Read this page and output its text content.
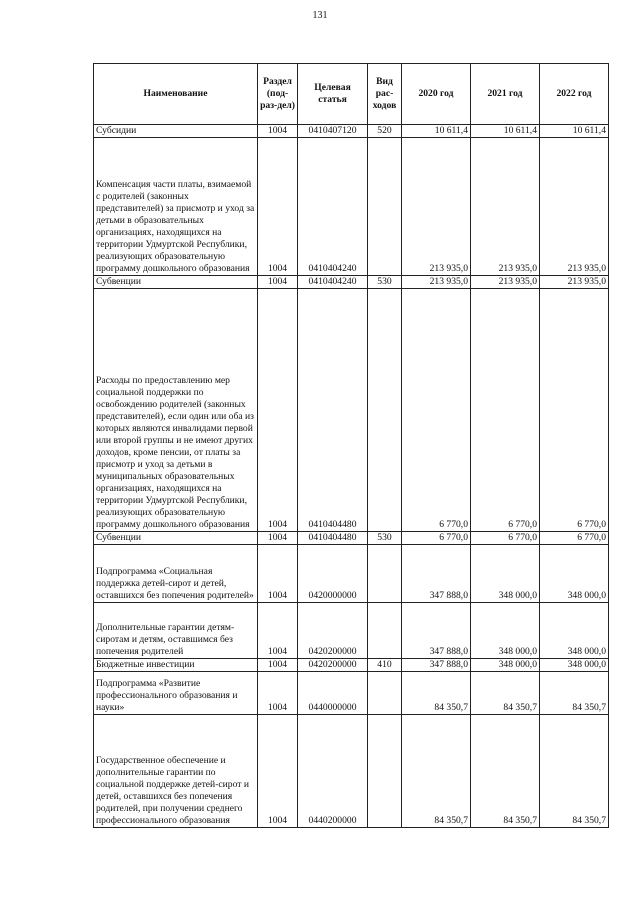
131
Наименование	Раздел (под-раз-дел)	Целевая статья	Вид рас-ходов	2020 год	2021 год	2022 год
Субсидии	1004	0410407120	520	10 611,4	10 611,4	10 611,4
Компенсация части платы, взимаемой с родителей (законных представителей) за присмотр и уход за детьми в образовательных организациях, находящихся на территории Удмуртской Республики, реализующих образовательную программу дошкольного образования	1004	0410404240		213 935,0	213 935,0	213 935,0
Субвенции	1004	0410404240	530	213 935,0	213 935,0	213 935,0
Расходы по предоставлению мер социальной поддержки по освобождению родителей (законных представителей), если один или оба из которых являются инвалидами первой или второй группы и не имеют других доходов, кроме пенсии, от платы за присмотр и уход за детьми в муниципальных образовательных организациях, находящихся на территории Удмуртской Республики, реализующих образовательную программу дошкольного образования	1004	0410404480		6 770,0	6 770,0	6 770,0
Субвенции	1004	0410404480	530	6 770,0	6 770,0	6 770,0
Подпрограмма «Социальная поддержка детей-сирот и детей, оставшихся без попечения родителей»	1004	0420000000		347 888,0	348 000,0	348 000,0
Дополнительные гарантии детям-сиротам и детям, оставшимся без попечения родителей	1004	0420200000		347 888,0	348 000,0	348 000,0
Бюджетные инвестиции	1004	0420200000	410	347 888,0	348 000,0	348 000,0
Подпрограмма «Развитие профессионального образования и науки»	1004	0440000000		84 350,7	84 350,7	84 350,7
Государственное обеспечение и дополнительные гарантии по социальной поддержке детей-сирот и детей, оставшихся без попечения родителей, при получении среднего профессионального образования	1004	0440200000		84 350,7	84 350,7	84 350,7
